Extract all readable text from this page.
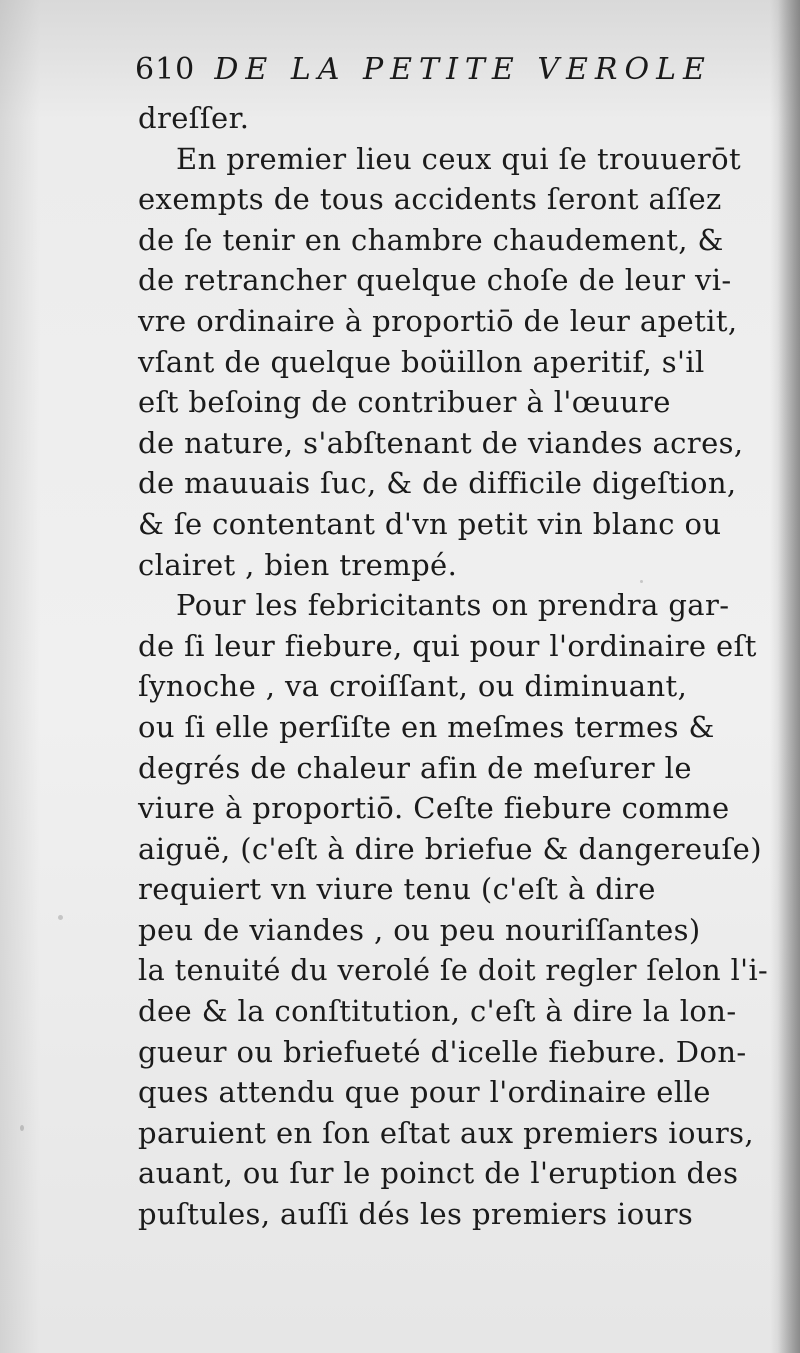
610 DE LA PETITE VEROLE
dreſſer.
En premier lieu ceux qui ſe trouuerōt
exempts de tous accidents ſeront aſſez
de ſe tenir en chambre chaudement, &
de retrancher quelque choſe de leur vi-
vre ordinaire à proportiō de leur apetit,
vſant de quelque boüillon aperitif, s'il
eſt beſoing de contribuer à l'œuure
de nature, s'abſtenant de viandes acres,
de mauuais ſuc, & de difficile digeſtion,
& ſe contentant d'vn petit vin blanc ou
clairet , bien trempé.
Pour les febricitants on prendra gar-
de ſi leur fiebure, qui pour l'ordinaire eſt
ſynoche , va croiſſant, ou diminuant,
ou ſi elle perſiſte en meſmes termes &
degrés de chaleur afin de meſurer le
viure à proportiō. Ceſte fiebure comme
aiguë, (c'eſt à dire briefue & dangereuſe)
requiert vn viure tenu (c'eſt à dire
peu de viandes , ou peu nouriſſantes)
la tenuité du verolé ſe doit regler ſelon l'i-
dee & la conſtitution, c'eſt à dire la lon-
gueur ou briefueté d'icelle fiebure. Don-
ques attendu que pour l'ordinaire elle
paruient en ſon eſtat aux premiers iours,
auant, ou ſur le poinct de l'eruption des
puſtules, auſſi dés les premiers iours
